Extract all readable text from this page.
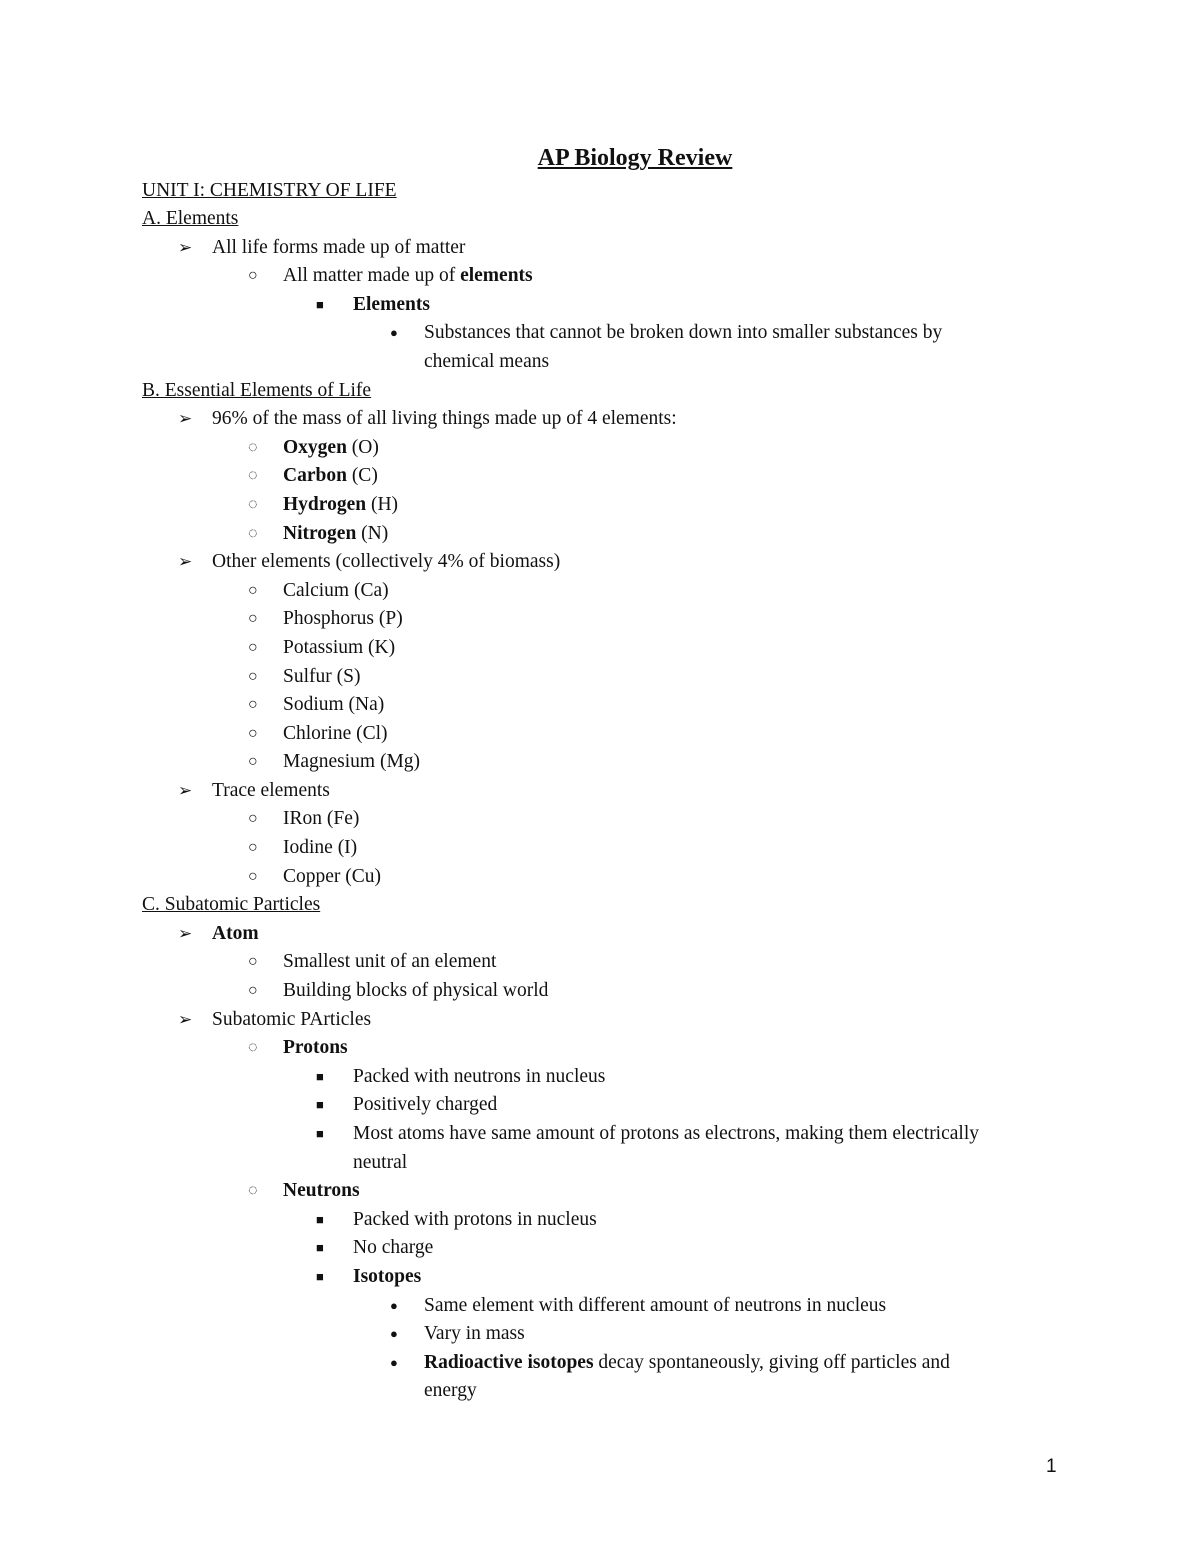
AP Biology Review
UNIT I: CHEMISTRY OF LIFE
A. Elements
➢ All life forms made up of matter
○ All matter made up of elements
■ Elements
● Substances that cannot be broken down into smaller substances by
chemical means
B. Essential Elements of Life
➢ 96% of the mass of all living things made up of 4 elements:
◌ Oxygen (O)
◌ Carbon (C)
◌ Hydrogen (H)
◌ Nitrogen (N)
➢ Other elements (collectively 4% of biomass)
○ Calcium (Ca)
○ Phosphorus (P)
○ Potassium (K)
○ Sulfur (S)
○ Sodium (Na)
○ Chlorine (Cl)
○ Magnesium (Mg)
➢ Trace elements
○ IRon (Fe)
○ Iodine (I)
○ Copper (Cu)
C. Subatomic Particles
➢ Atom
○ Smallest unit of an element
○ Building blocks of physical world
➢ Subatomic PArticles
◌ Protons
■ Packed with neutrons in nucleus
■ Positively charged
■ Most atoms have same amount of protons as electrons, making them electrically
neutral
◌ Neutrons
■ Packed with protons in nucleus
■ No charge
■ Isotopes
● Same element with different amount of neutrons in nucleus
● Vary in mass
● Radioactive isotopes decay spontaneously, giving off particles and
energy
1
